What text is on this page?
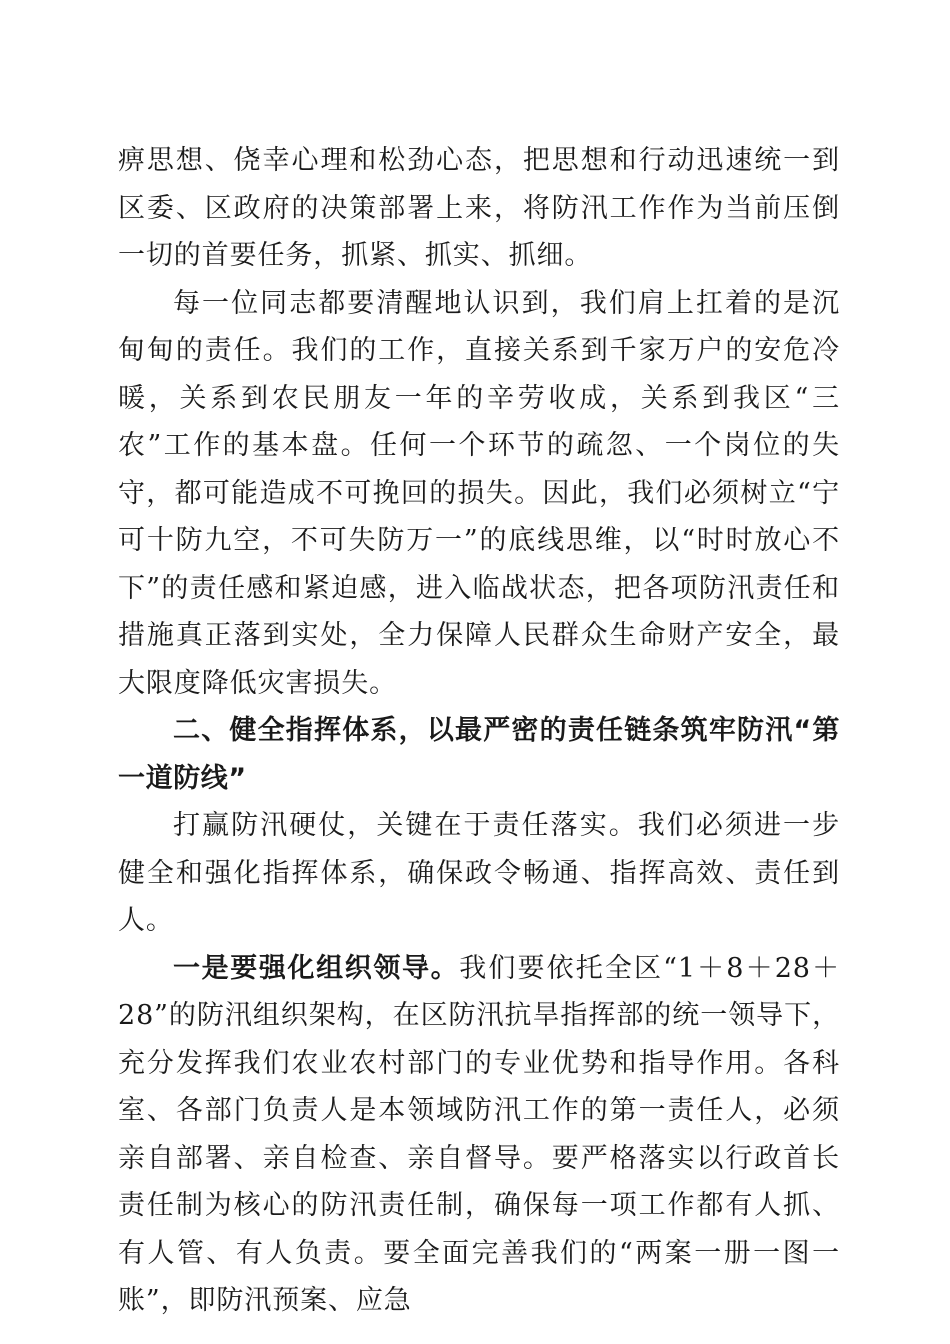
痹思想、侥幸心理和松劲心态，把思想和行动迅速统一到区委、区政府的决策部署上来，将防汛工作作为当前压倒一切的首要任务，抓紧、抓实、抓细。

每一位同志都要清醒地认识到，我们肩上扛着的是沉甸甸的责任。我们的工作，直接关系到千家万户的安危冷暖，关系到农民朋友一年的辛劳收成，关系到我区“三农”工作的基本盘。任何一个环节的疏忽、一个岗位的失守，都可能造成不可挽回的损失。因此，我们必须树立“宁可十防九空，不可失防万一”的底线思维，以“时时放心不下”的责任感和紧迫感，进入临战状态，把各项防汛责任和措施真正落到实处，全力保障人民群众生命财产安全，最大限度降低灾害损失。

二、健全指挥体系，以最严密的责任链条筑牢防汛“第一道防线”

打赢防汛硬仗，关键在于责任落实。我们必须进一步健全和强化指挥体系，确保政令畅通、指挥高效、责任到人。

一是要强化组织领导。我们要依托全区“1＋8＋28＋28”的防汛组织架构，在区防汛抗旱指挥部的统一领导下，充分发挥我们农业农村部门的专业优势和指导作用。各科室、各部门负责人是本领域防汛工作的第一责任人，必须亲自部署、亲自检查、亲自督导。要严格落实以行政首长责任制为核心的防汛责任制，确保每一项工作都有人抓、有人管、有人负责。要全面完善我们的“两案一册一图一账”，即防汛预案、应急
